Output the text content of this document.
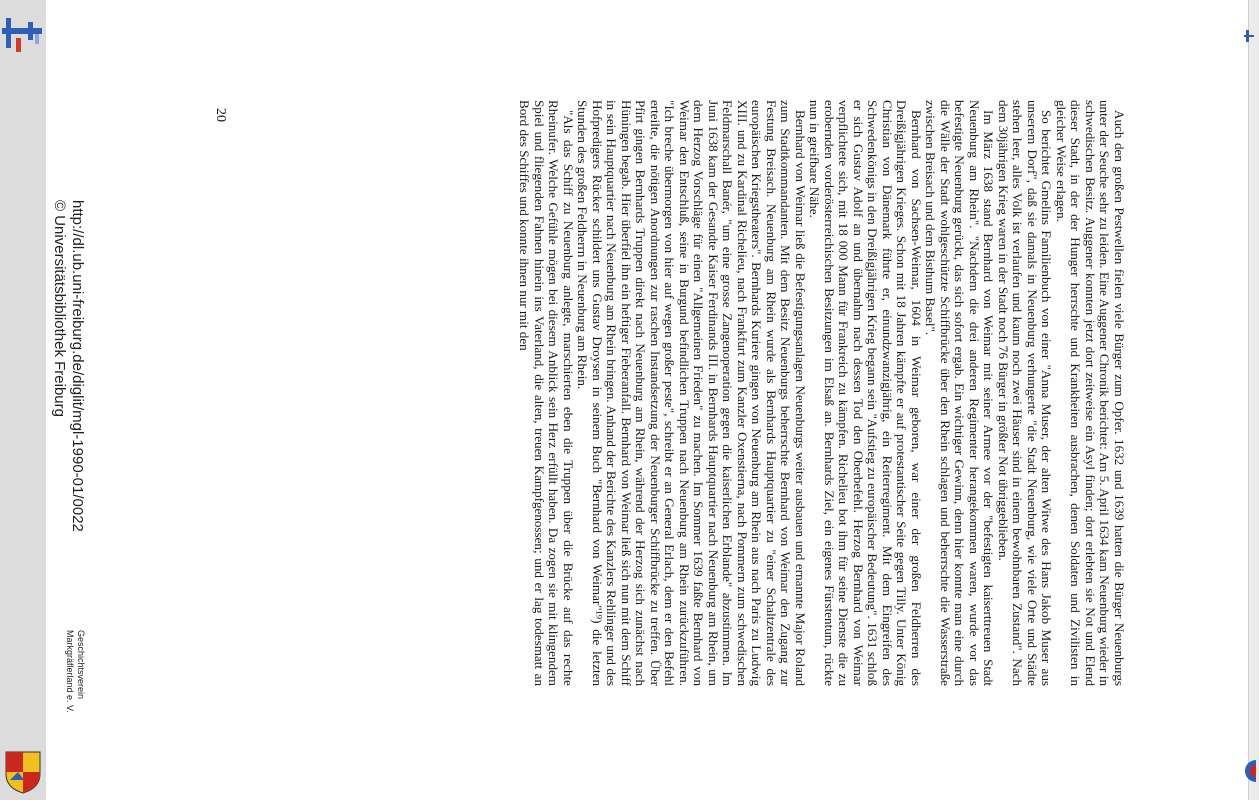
Auch den großen Pestwellen fielen viele Bürger zum Opfer. 1632 und 1639 hatten die Bürger Neuenburgs unter der Seuche sehr zu leiden. Eine Auggener Chronik berichtet: Am 5. April 1634 kam Neuenburg wieder in schwedischen Besitz. Auggener konnten jetzt dort zeitweise ein Asyl finden; dort erlebten sie Not und Elend dieser Stadt, in der der Hunger herrschte und Krankheiten ausbrachen, denen Soldaten und Zivilisten in gleicher Weise erlagen.

So berichtet Gmelins Familienbuch von einer "Anna Muser, der alten Witwe des Hans Jakob Muser aus unserem Dorf", daß sie damals in Neuenburg verhungerte "die Stadt Neuenburg, wie viele Orte und Städte stehen leer, alles Volk ist verlaufen und kaum noch zwei Häuser sind in einem bewohnbaren Zustand". Nach dem 30jährigen Krieg waren in der Stadt noch 76 Bürger in größter Not übriggeblieben.

Im März 1638 stand Bernhard von Weimar mit seiner Armee vor der "befestigten kaiserttreuen Stadt Neuenburg am Rhein". "Nachdem die drei anderen Regimenter herangekommen waren, wurde vor das befestigte Neuenburg gerückt, das sich sofort ergab. Ein wichtiger Gewinn, denn hier konnte man eine durch die Wälle der Stadt wohlgeschützte Schiffbrücke über den Rhein schlagen und beherrschte die Wasserstraße zwischen Breisach und dem Bisthum Basel".

Bernhard von Sachsen-Weimar, 1604 in Weimar geboren, war einer der großen Feldherren des Dreißigjährigen Krieges. Schon mit 18 Jahren kämpfte er auf protestantischer Seite gegen Tilly. Unter König Christian von Dänemark führte er, einundzwanzigjährig, ein Reiterregiment. Mit dem Eingreifen des Schwedenkönigs in den Dreißigjährigen Krieg begann sein "Aufstieg zu europäischer Bedeutung". 1631 schloß er sich Gustav Adolf an und übernahm nach dessen Tod den Oberbefehl. Herzog Bernhard von Weimar verpflichtete sich, mit 18 000 Mann für Frankreich zu kämpfen. Richelieu bot ihm für seine Dienste die zu erobernden vorderösterreichischen Besitzungen im Elsaß an. Bernhards Ziel, ein eigenes Fürstentum, rückte nun in greifbare Nähe.

Bernhard von Weimar ließ die Befestigungsanlagen Neuenburgs weiter ausbauen und ernannte Major Roland zum Stadtkommandanten. Mit dem Besitz Neuenburgs beherrschte Bernhard von Weimar den Zugang zur Festung Breisach. Neuenburg am Rhein wurde als Bernhards Hauptquartier zu "einer Schaltzentrale des europäischen Kriegstheaters". Bernhards Kuriere gingen von Neuenburg am Rhein aus nach Paris zu Ludwig XIII. und zu Kardinal Richelieu, nach Frankfurt zum Kanzler Oxenstierna, nach Pommern zum schwedischen Feldmarschall Banér, "um eine grosse Zangenoperation gegen die kaiserlichen Erblande" abzustimmen. Im Juni 1638 kam der Gesandte Kaiser Ferdinands III. in Bernhards Hauptquartier nach Neuenburg am Rhein, um dem Herzog Vorschläge für einen "Allgemeinen Frieden" zu machen. Im Sommer 1639 faßte Bernhard von Weimar den Entschluß, seine in Burgund befindlichen Truppen nach Neuenburg am Rhein zurückzuführen. "Ich breche übermorgen von hier auf wegen großer peste", schreibt er an General Erlach, dem er den Befehl erteilte, die nötigen Anordnungen zur raschen Instandsetzung der Neuenburger Schiffbrücke zu treffen. Über Pfirt gingen Bernhards Truppen direkt nach Neuenburg am Rhein, während der Herzog sich zunächst nach Hüningen begab. Hier überfiel ihn ein heftiger Fieberanfall. Bernhard von Weimar ließ sich nun mit dem Schiff in sein Hauptquartier nach Neuenburg am Rhein bringen. Anhand der Berichte des Kanzlers Rehlinger und des Hofpredigers Rücker schildert uns Gustav Droysen in seinem Buch "Bernhard von Weimar"¹⁹) die letzten Stunden des großen Feldherrn in Neuenburg am Rhein.

"Als das Schiff zu Neuenburg anlegte, marschierten eben die Truppen über die Brücke auf das rechte Rheinufer. Welche Gefühle mögen bei diesem Anblick sein Herz erfüllt haben. Da zogen sie mit klingendem Spiel und fliegenden Fahnen hinein ins Vaterland, die alten, treuen Kampfgenossen; und er lag todesmatt an Bord des Schiffes und konnte ihnen nur mit den

20
http://dl.ub.uni-freiburg.de/diglit/mgl-1990-01/0022
© Universitätsbibliothek Freiburg
Geschichtsverein
Markgräflerland e. V.
